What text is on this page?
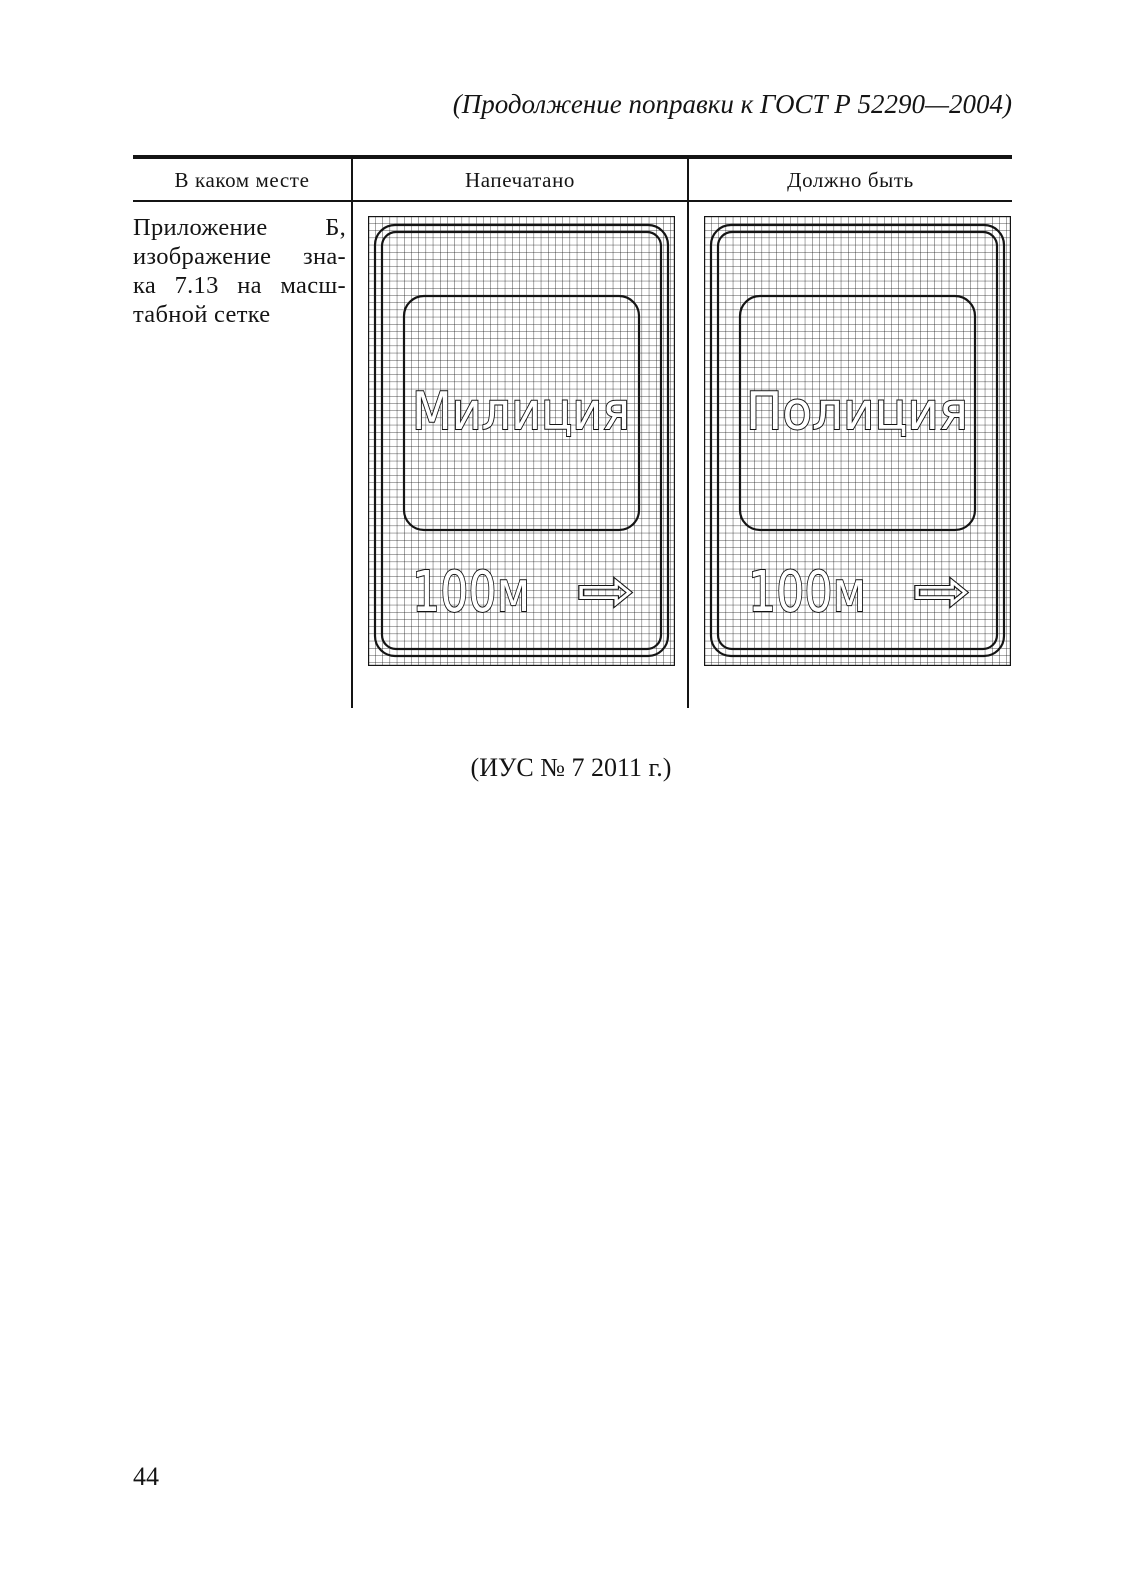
(Продолжение поправки к ГОСТ Р 52290—2004)
В каком месте	Напечатано	Должно быть
Приложение Б,
изображение зна-
ка 7.13 на масш-
табной сетке
Милиция
100м ⇨
Полиция
100м ⇨
(ИУС № 7 2011 г.)
44
